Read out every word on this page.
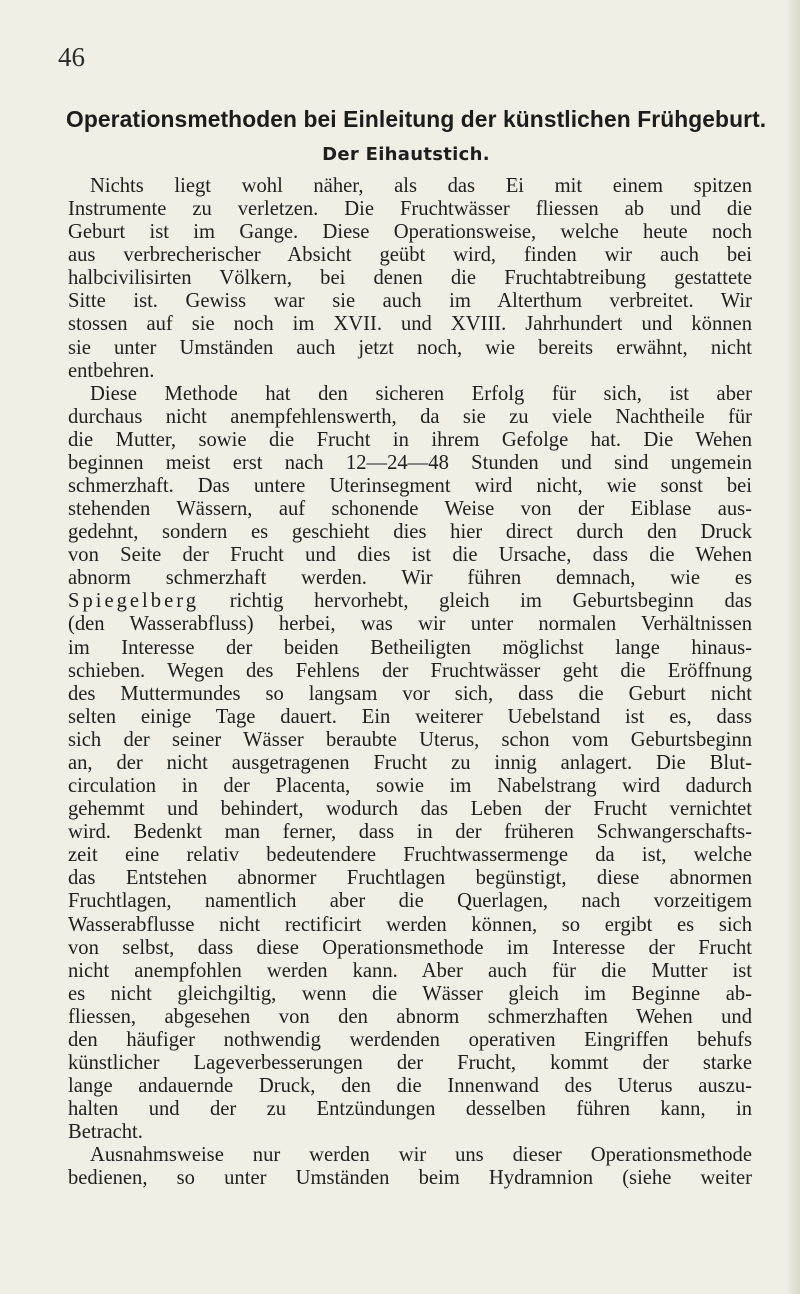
46
Operationsmethoden bei Einleitung der künstlichen Frühgeburt.
Der Eihautstich.
Nichts liegt wohl näher, als das Ei mit einem spitzen
Instrumente zu verletzen. Die Fruchtwässer fliessen ab und die
Geburt ist im Gange. Diese Operationsweise, welche heute noch
aus verbrecherischer Absicht geübt wird, finden wir auch bei
halbcivilisirten Völkern, bei denen die Fruchtabtreibung gestattete
Sitte ist. Gewiss war sie auch im Alterthum verbreitet. Wir
stossen auf sie noch im XVII. und XVIII. Jahrhundert und können
sie unter Umständen auch jetzt noch, wie bereits erwähnt, nicht
entbehren.
Diese Methode hat den sicheren Erfolg für sich, ist aber
durchaus nicht anempfehlenswerth, da sie zu viele Nachtheile für
die Mutter, sowie die Frucht in ihrem Gefolge hat. Die Wehen
beginnen meist erst nach 12—24—48 Stunden und sind ungemein
schmerzhaft. Das untere Uterinsegment wird nicht, wie sonst bei
stehenden Wässern, auf schonende Weise von der Eiblase aus-
gedehnt, sondern es geschieht dies hier direct durch den Druck
von Seite der Frucht und dies ist die Ursache, dass die Wehen
abnorm schmerzhaft werden. Wir führen demnach, wie es
Spiegelberg richtig hervorhebt, gleich im Geburtsbeginn das
(den Wasserabfluss) herbei, was wir unter normalen Verhältnissen
im Interesse der beiden Betheiligten möglichst lange hinaus-
schieben. Wegen des Fehlens der Fruchtwässer geht die Eröffnung
des Muttermundes so langsam vor sich, dass die Geburt nicht
selten einige Tage dauert. Ein weiterer Uebelstand ist es, dass
sich der seiner Wässer beraubte Uterus, schon vom Geburtsbeginn
an, der nicht ausgetragenen Frucht zu innig anlagert. Die Blut-
circulation in der Placenta, sowie im Nabelstrang wird dadurch
gehemmt und behindert, wodurch das Leben der Frucht vernichtet
wird. Bedenkt man ferner, dass in der früheren Schwangerschafts-
zeit eine relativ bedeutendere Fruchtwassermenge da ist, welche
das Entstehen abnormer Fruchtlagen begünstigt, diese abnormen
Fruchtlagen, namentlich aber die Querlagen, nach vorzeitigem
Wasserabflusse nicht rectificirt werden können, so ergibt es sich
von selbst, dass diese Operationsmethode im Interesse der Frucht
nicht anempfohlen werden kann. Aber auch für die Mutter ist
es nicht gleichgiltig, wenn die Wässer gleich im Beginne ab-
fliessen, abgesehen von den abnorm schmerzhaften Wehen und
den häufiger nothwendig werdenden operativen Eingriffen behufs
künstlicher Lageverbesserungen der Frucht, kommt der starke
lange andauernde Druck, den die Innenwand des Uterus auszu-
halten und der zu Entzündungen desselben führen kann, in
Betracht.
Ausnahmsweise nur werden wir uns dieser Operationsmethode
bedienen, so unter Umständen beim Hydramnion (siehe weiter
